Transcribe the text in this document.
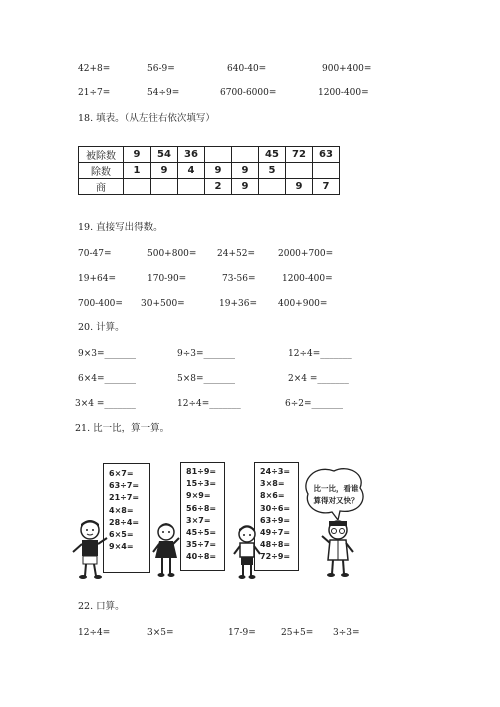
42+8=	56-9=	640-40=	900+400=
21÷7=	54÷9=	6700-6000=	1200-400=
18. 填表。（从左往右依次填写）
被除数	9	54	36			45	72	63
除数	1	9	4	9	9	5		
商				2	9		9	7
19. 直接写出得数。
70-47=	500+800= 24+52=	2000+700=
19+64=	170-90=	73-56=	1200-400=
700-400= 30+500=	19+36= 400+900=
20. 计算。
9×3=_______	9÷3=_______	12÷4=_______
6×4=_______	5×8=_______	2×4 =_______
3×4 =_______	12÷4=_______	6÷2=_______
21. 比一比，算一算。
6×7=
63÷7=
21÷7=
4×8=
28÷4=
6×5=
9×4=
81÷9=
15÷3=
9×9=
56÷8=
3×7=
45÷5=
35÷7=
40÷8=
24÷3=
3×8=
8×6=
30÷6=
63÷9=
49÷7=
48÷8=
72÷9=
比一比，看谁
算得对又快？
22. 口算。
12÷4=	3×5=	17-9=	25+5= 3÷3=
